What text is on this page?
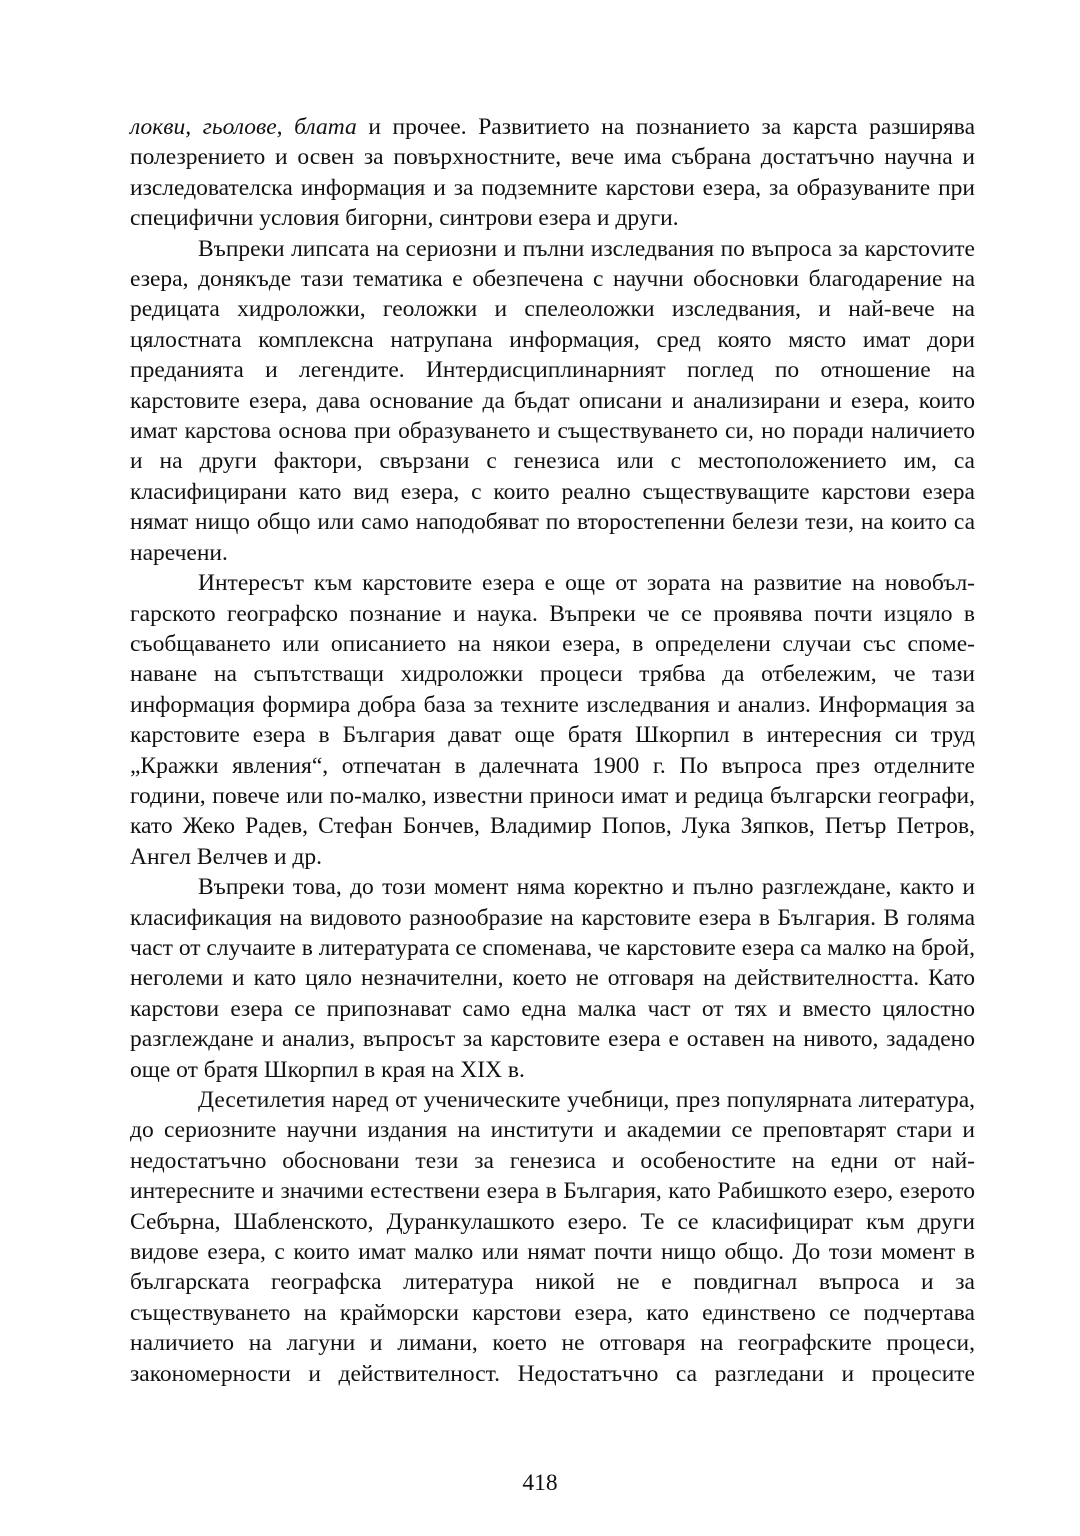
локви, гьолове, блата и прочее. Развитието на познанието за карста разширява полезрението и освен за повърхностните, вече има събрана достатъчно научна и изследователска информация и за подземните карстови езера, за образуваните при специфични условия бигорни, синтрови езера и други.

Въпреки липсата на сериозни и пълни изследвания по въпроса за карстоvите езера, донякъде тази тематика е обезпечена с научни обосновки благодарение на редицата хидроложки, геоложки и спелеоложки изследвания, и най-​вече на цялостната комплексна натрупана информация, сред която място имат дори преданията и легендите. Интердисциплинарният поглед по отношение на карстовите езера, дава основание да бъдат описани и анализирани и езера, които имат карстова основа при образуването и съществуването си, но поради наличието и на други фактори, свързани с генезиса или с местоположението им, са класифицирани като вид езера, с които реално съществуващите карстови езера нямат нищо общо или само наподобяват по второстепенни белези тези, на които са наречени.

Интересът към карстовите езера е още от зората на развитие на новобългарското географско познание и наука. Въпреки че се проявява почти изцяло в съобщаването или описанието на някои езера, в определени случаи със споменаване на съпътстващи хидроложки процеси трябва да отбележим, че тази информация формира добра база за техните изследвания и анализ. Информация за карстовите езера в България дават още братя Шкорпил в интересния си труд „Кражки явления“, отпечатан в далечната 1900 г. По въпроса през отделните години, повече или по-малко, известни приноси имат и редица български географи, като Жеко Радев, Стефан Бончев, Владимир Попов, Лука Зяпков, Петър Петров, Ангел Велчев и др.

Въпреки това, до този момент няма коректно и пълно разглеждане, както и класификация на видовото разнообразие на карстовите езера в България. В голяма част от случаите в литературата се споменава, че карстовите езера са малко на брой, неголеми и като цяло незначителни, което не отговаря на действителността. Като карстови езера се припознават само една малка част от тях и вместо цялостно разглеждане и анализ, въпросът за карстовите езера е оставен на нивото, зададено още от братя Шкорпил в края на XIX в.

Десетилетия наред от ученическите учебници, през популярната литература, до сериозните научни издания на институти и академии се преповтарят стари и недостатъчно обосновани тези за генезиса и особеностите на едни от най-интересните и значими естествени езера в България, като Рабишкото езеро, езерото Себърна, Шабленското, Дуранкулашкото езеро. Те се класифицират към други видове езера, с които имат малко или нямат почти нищо общо. До този момент в българската географска литература никой не е повдигнал въпроса и за съществуването на крайморски карстови езера, като единствено се подчертава наличието на лагуни и лимани, което не отговаря на географските процеси, закономерности и действителност. Недостатъчно са разгледани и процесите

418
